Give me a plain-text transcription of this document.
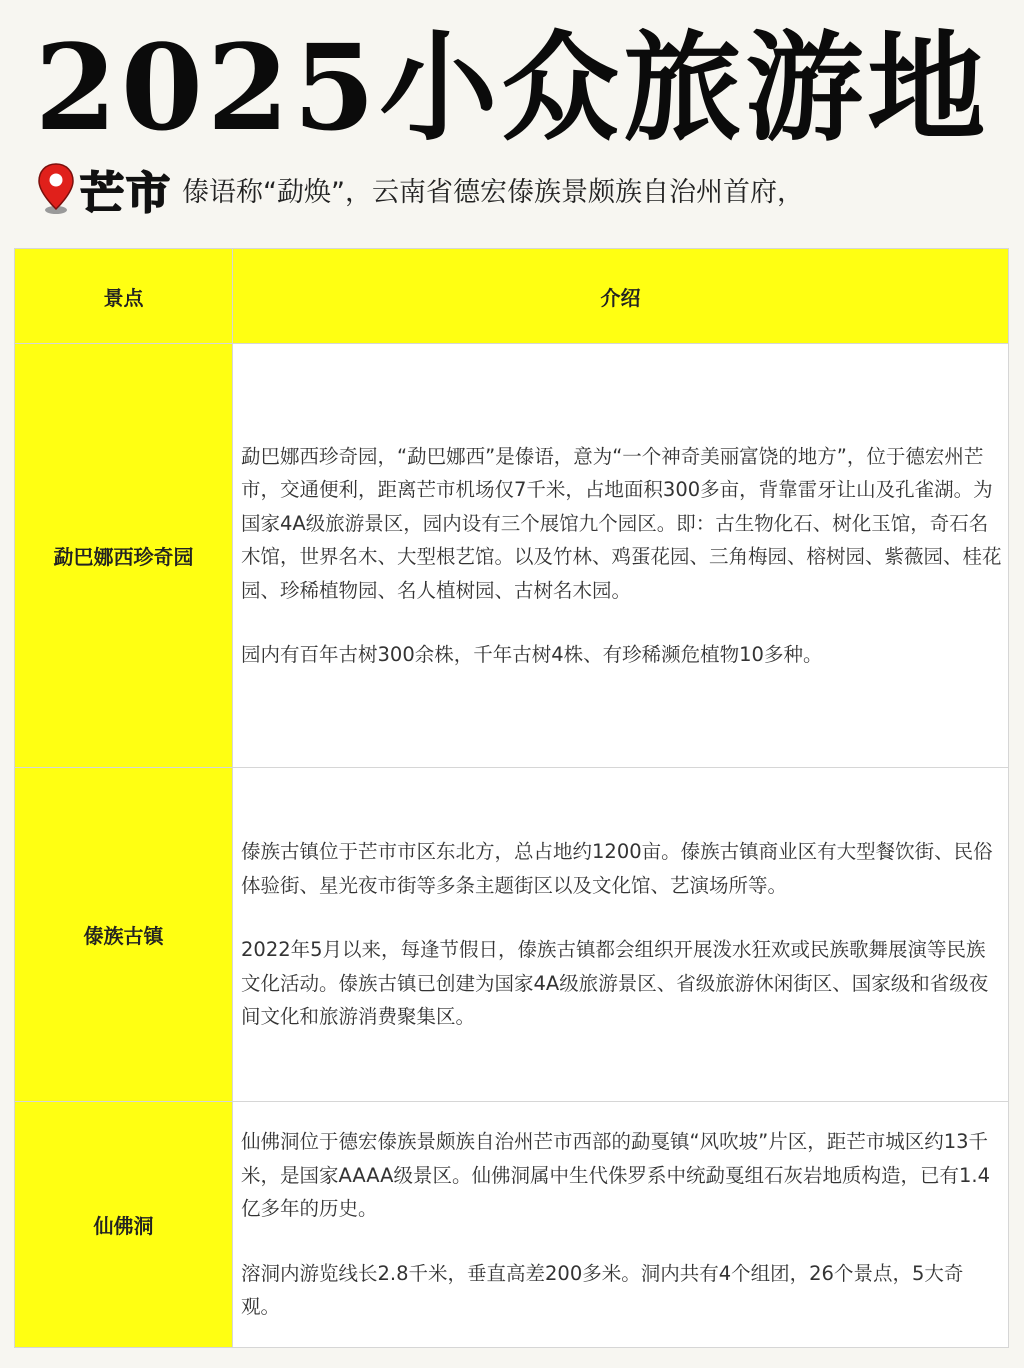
2025小众旅游地
芒市 傣语称“勐焕”，云南省德宏傣族景颇族自治州首府，
景点	介绍
勐巴娜西珍奇园	勐巴娜西珍奇园，“勐巴娜西”是傣语，意为“一个神奇美丽富饶的地方”，位于德宏州芒市，交通便利，距离芒市机场仅7千米，占地面积300多亩，背靠雷牙让山及孔雀湖。为国家4A级旅游景区，园内设有三个展馆九个园区。即：古生物化石、树化玉馆，奇石名木馆，世界名木、大型根艺馆。以及竹林、鸡蛋花园、三角梅园、榕树园、紫薇园、桂花园、珍稀植物园、名人植树园、古树名木园。

园内有百年古树300余株，千年古树4株、有珍稀濒危植物10多种。

傣族古镇	傣族古镇位于芒市市区东北方，总占地约1200亩。傣族古镇商业区有大型餐饮街、民俗体验街、星光夜市街等多条主题街区以及文化馆、艺演场所等。

2022年5月以来，每逢节假日，傣族古镇都会组织开展泼水狂欢或民族歌舞展演等民族文化活动。傣族古镇已创建为国家4A级旅游景区、省级旅游休闲街区、国家级和省级夜间文化和旅游消费聚集区。

仙佛洞	仙佛洞位于德宏傣族景颇族自治州芒市西部的勐戛镇“风吹坡”片区，距芒市城区约13千米，是国家AAAA级景区。仙佛洞属中生代侏罗系中统勐戛组石灰岩地质构造，已有1.4亿多年的历史。

溶洞内游览线长2.8千米，垂直高差200多米。洞内共有4个组团，26个景点，5大奇观。
